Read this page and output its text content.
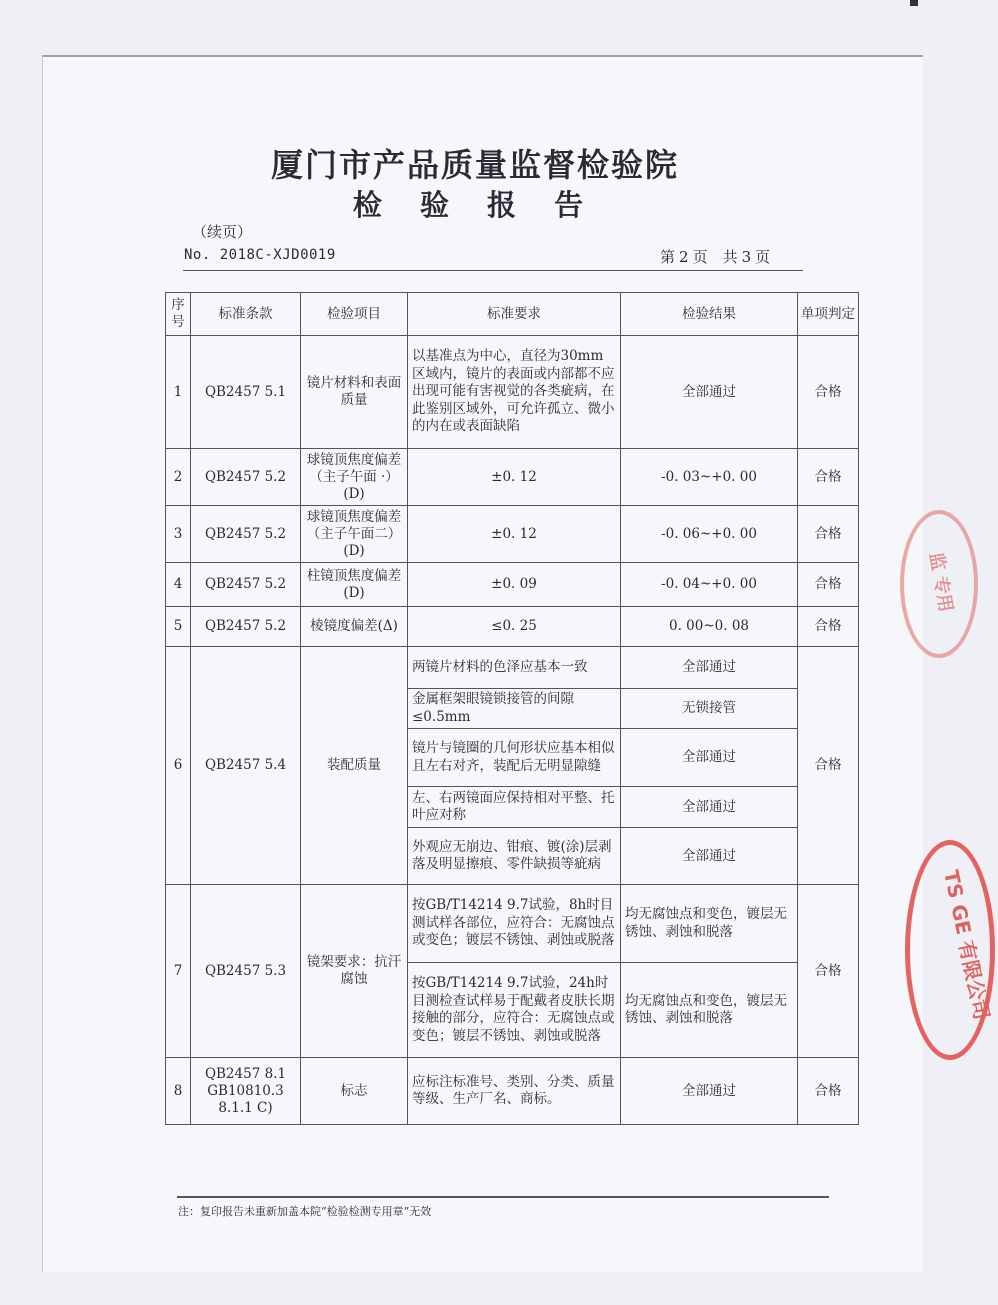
厦门市产品质量监督检验院
检 验 报 告
（续页）
No. 2018C-XJD0019	第 2 页　共 3 页
序号	标准条款	检验项目	标准要求	检验结果	单项判定
1	QB2457 5.1	镜片材料和表面质量	以基准点为中心，直径为30mm区域内，镜片的表面或内部都不应出现可能有害视觉的各类疵病，在此鉴别区域外，可允许孤立、微小的内在或表面缺陷	全部通过	合格
2	QB2457 5.2	球镜顶焦度偏差（主子午面 ·）(D)	±0. 12	-0. 03~+0. 00	合格
3	QB2457 5.2	球镜顶焦度偏差（主子午面二）(D)	±0. 12	-0. 06~+0. 00	合格
4	QB2457 5.2	柱镜顶焦度偏差(D)	±0. 09	-0. 04~+0. 00	合格
5	QB2457 5.2	棱镜度偏差(Δ)	≤0. 25	0. 00~0. 08	合格
6	QB2457 5.4	装配质量	两镜片材料的色泽应基本一致	全部通过	合格
			金属框架眼镜锁接管的间隙≤0.5mm	无锁接管	
			镜片与镜圈的几何形状应基本相似且左右对齐，装配后无明显隙缝	全部通过	
			左、右两镜面应保持相对平整、托叶应对称	全部通过	
			外观应无崩边、钳痕、镀(涂)层剥落及明显擦痕、零件缺损等疵病	全部通过	
7	QB2457 5.3	镜架要求：抗汗腐蚀	按GB/T14214 9.7试验，8h时目测试样各部位，应符合：无腐蚀点或变色；镀层不锈蚀、剥蚀或脱落	均无腐蚀点和变色，镀层无锈蚀、剥蚀和脱落	合格
			按GB/T14214 9.7试验，24h时目测检查试样易于配戴者皮肤长期接触的部分，应符合：无腐蚀点或变色；镀层不锈蚀、剥蚀或脱落	均无腐蚀点和变色，镀层无锈蚀、剥蚀和脱落	
8	QB2457 8.1 GB10810.3 8.1.1 C)	标志	应标注标准号、类别、分类、质量等级、生产厂名、商标。	全部通过	合格
注：复印报告未重新加盖本院“检验检测专用章”无效
监 专用
TS GE 有限公司
